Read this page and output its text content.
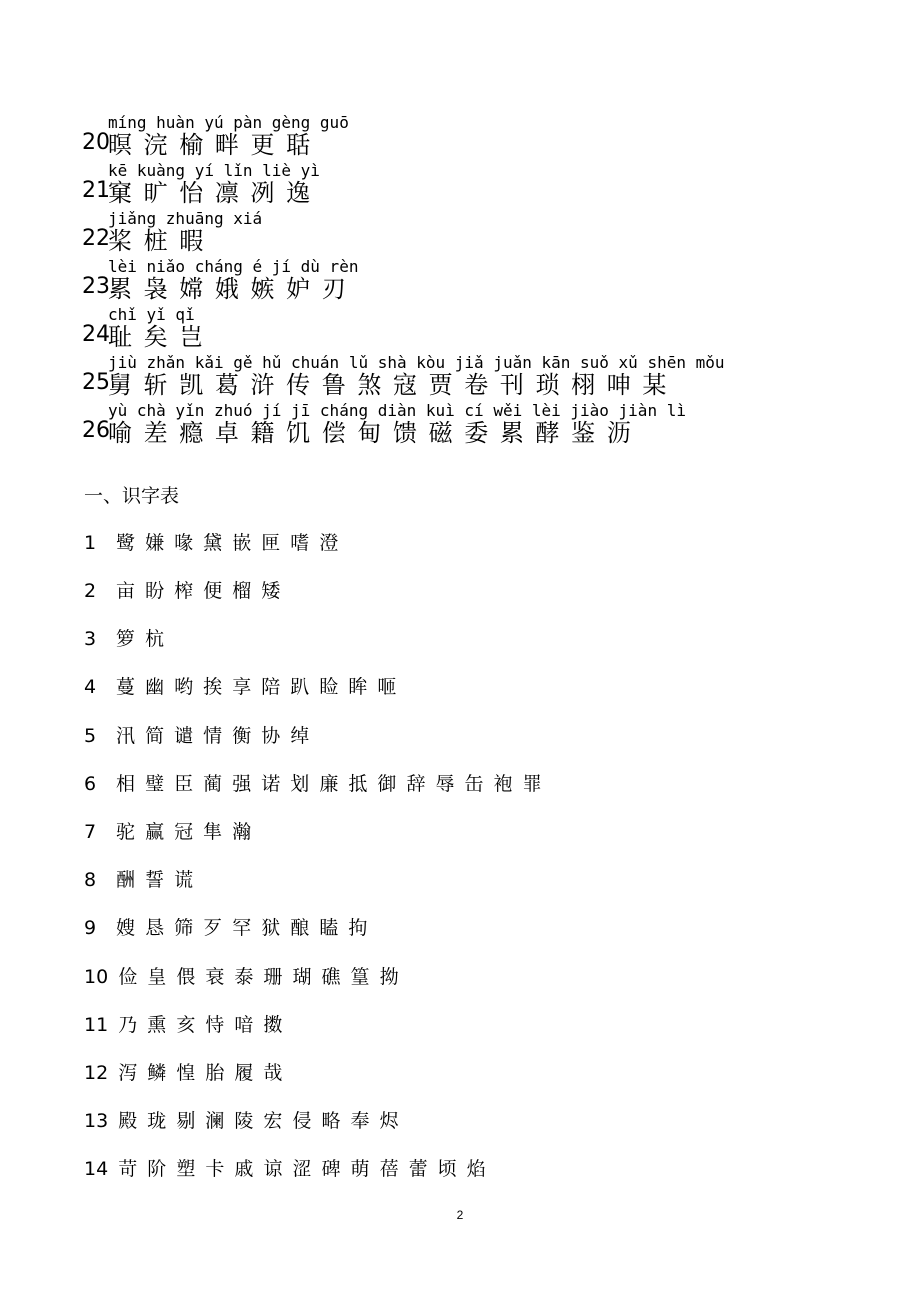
míng huàn yú pàn gèng guō
20
暝 浣 榆 畔 更 聒
kē kuàng yí lǐn liè yì
21
窠 旷 怡 凛 冽 逸
jiǎng zhuāng xiá
22
桨 桩 暇
lèi niǎo cháng é jí dù rèn
23
累 袅 嫦 娥 嫉 妒 刃
chǐ yǐ qǐ
24
耻 矣 岂
jiù zhǎn kǎi gě hǔ chuán lǔ shà kòu jiǎ juǎn kān suǒ xǔ shēn mǒu
25
舅 斩 凯 葛 浒 传 鲁 煞 寇 贾 卷 刊 琐 栩 呻 某
yù chà yǐn zhuó jí jī cháng diàn kuì cí wěi lèi jiào jiàn lì
26
喻 差 瘾 卓 籍 饥 偿 甸 馈 磁 委 累 酵 鉴 沥
一、识字表
1 鹭 嫌 喙 黛 嵌 匣 嗜 澄
2 亩 盼 榨 便 榴 矮
3 箩 杭
4 蔓 幽 哟 挨 享 陪 趴 睑 眸 咂
5 汛 简 谴 情 衡 协 绰
6 相 璧 臣 蔺 强 诺 划 廉 抵 御 辞 辱 缶 袍 罪
7 驼 赢 冠 隼 瀚
8 酬 誓 谎
9 嫂 恳 筛 歹 罕 狱 酿 瞌 拘
10 俭 皇 偎 衰 泰 珊 瑚 礁 篁 拗
11 乃 熏 亥 恃 喑 擞
12 泻 鳞 惶 胎 履 哉
13 殿 珑 剔 澜 陵 宏 侵 略 奉 烬
14 苛 阶 塑 卡 戚 谅 涩 碑 萌 蓓 蕾 顷 焰
2
